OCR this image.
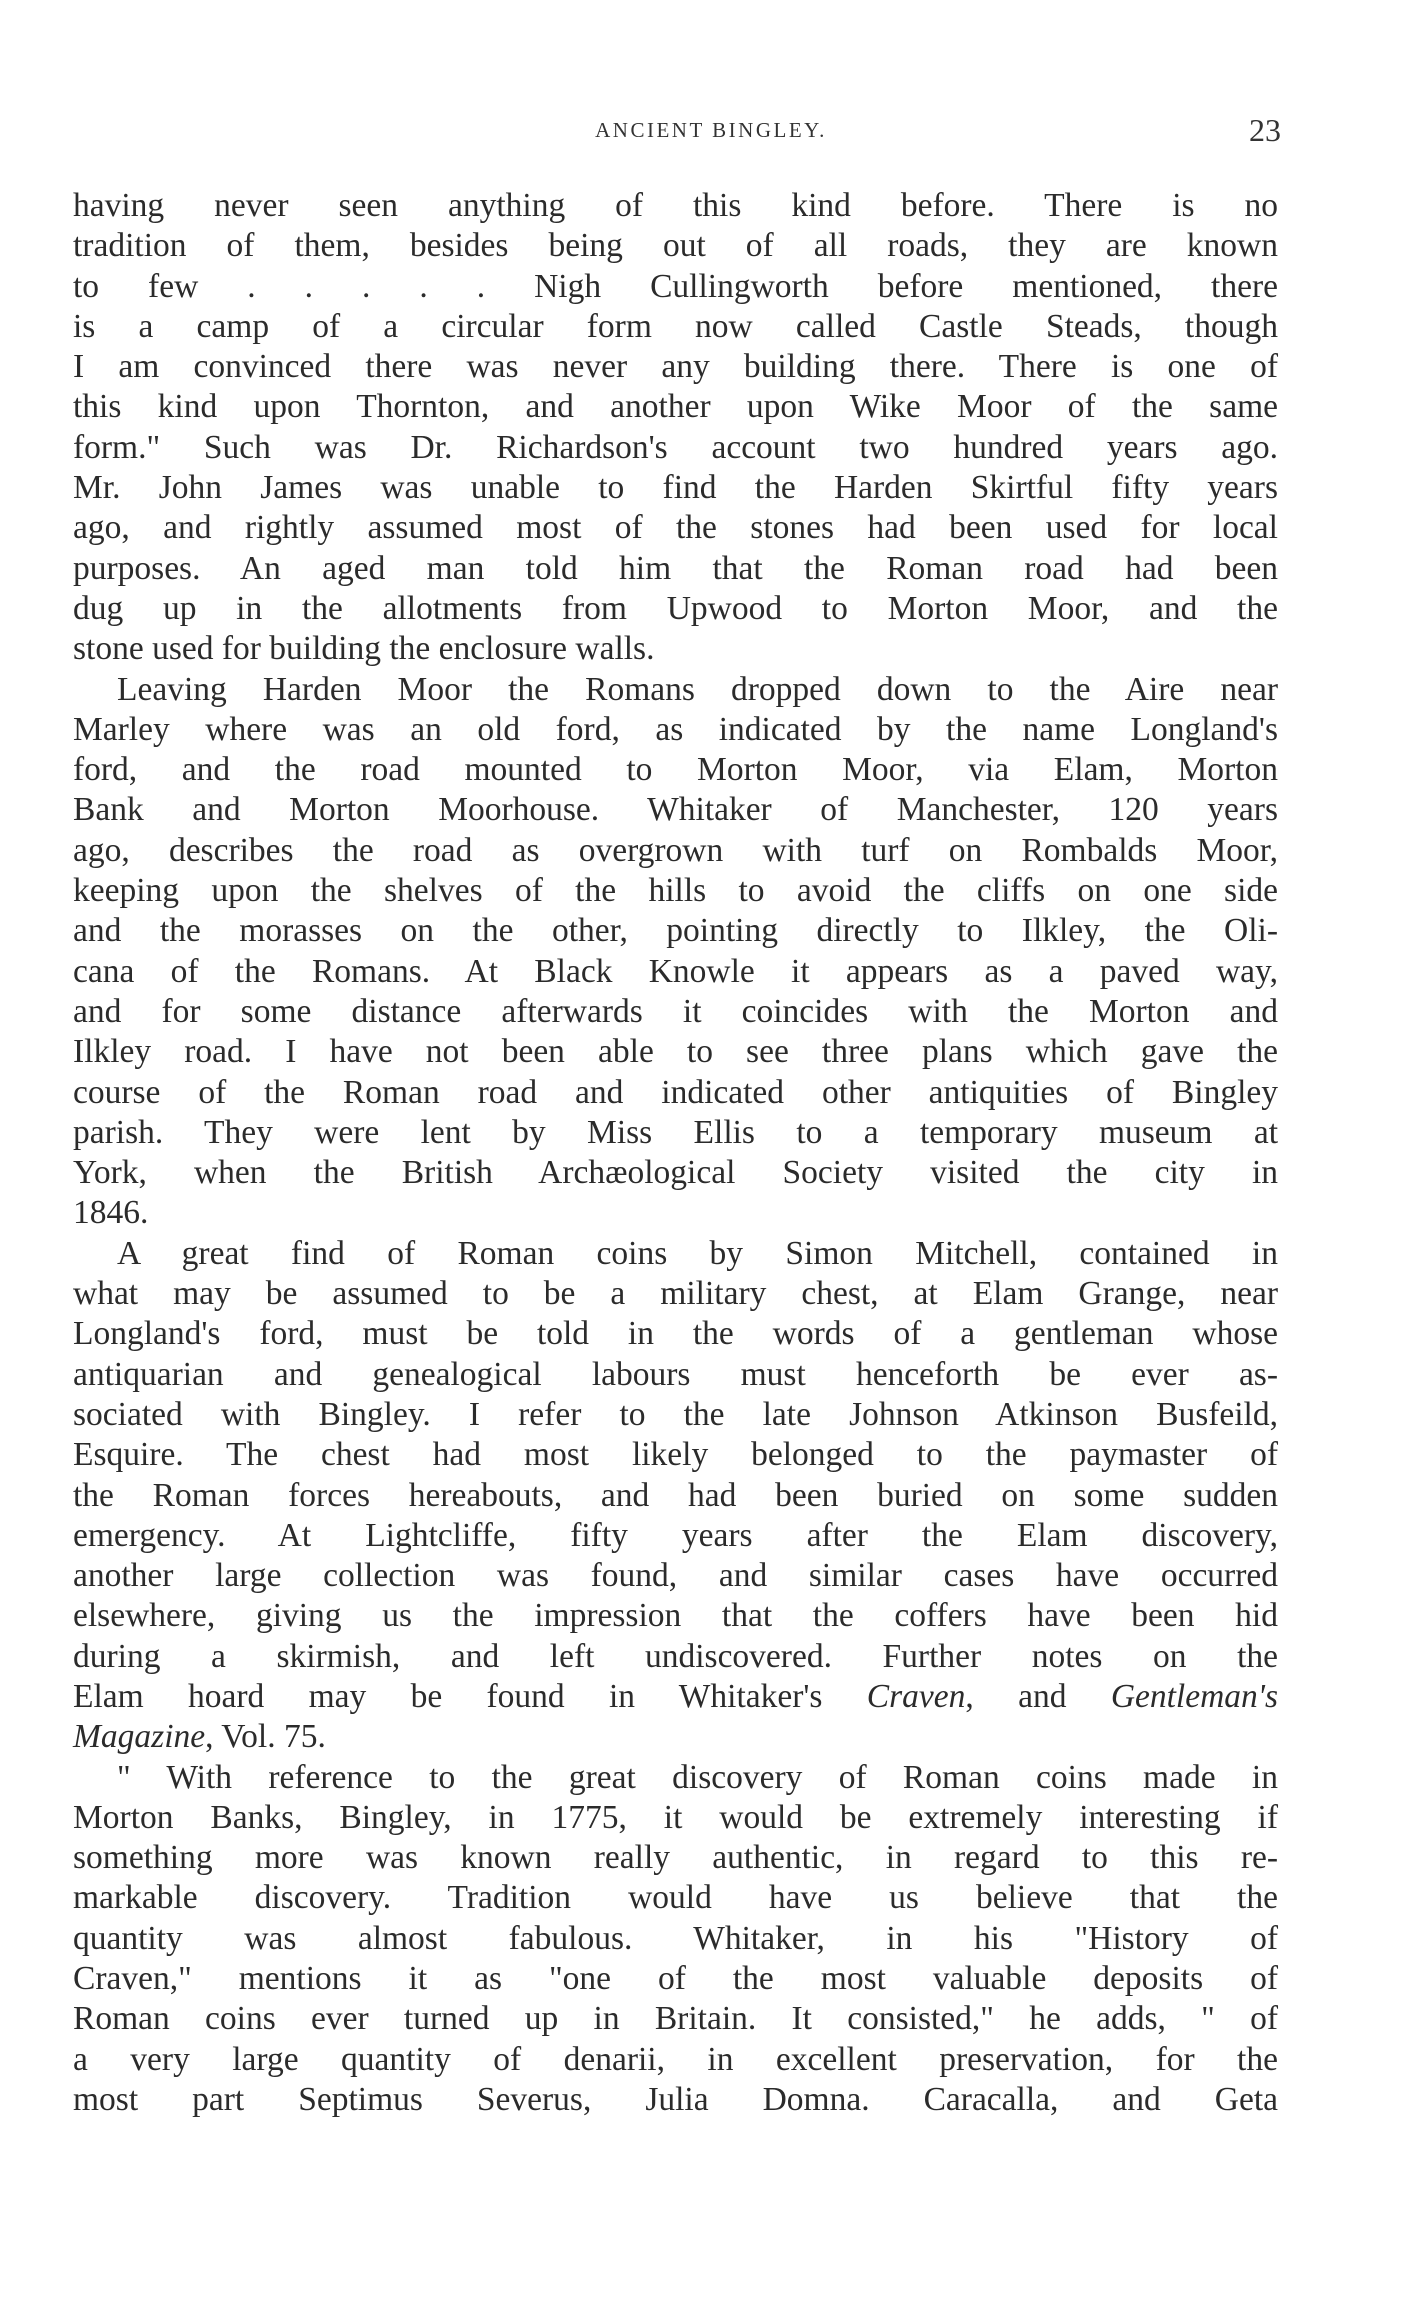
ANCIENT BINGLEY.	23
having never seen anything of this kind before. There is no
tradition of them, besides being out of all roads, they are known
to few . . . . . Nigh Cullingworth before mentioned, there
is a camp of a circular form now called Castle Steads, though
I am convinced there was never any building there. There is one of
this kind upon Thornton, and another upon Wike Moor of the same
form." Such was Dr. Richardson's account two hundred years ago.
Mr. John James was unable to find the Harden Skirtful fifty years
ago, and rightly assumed most of the stones had been used for local
purposes. An aged man told him that the Roman road had been
dug up in the allotments from Upwood to Morton Moor, and the
stone used for building the enclosure walls.
Leaving Harden Moor the Romans dropped down to the Aire near
Marley where was an old ford, as indicated by the name Longland's
ford, and the road mounted to Morton Moor, via Elam, Morton
Bank and Morton Moorhouse. Whitaker of Manchester, 120 years
ago, describes the road as overgrown with turf on Rombalds Moor,
keeping upon the shelves of the hills to avoid the cliffs on one side
and the morasses on the other, pointing directly to Ilkley, the Oli-
cana of the Romans. At Black Knowle it appears as a paved way,
and for some distance afterwards it coincides with the Morton and
Ilkley road. I have not been able to see three plans which gave the
course of the Roman road and indicated other antiquities of Bingley
parish. They were lent by Miss Ellis to a temporary museum at
York, when the British Archæological Society visited the city in
1846.
A great find of Roman coins by Simon Mitchell, contained in
what may be assumed to be a military chest, at Elam Grange, near
Longland's ford, must be told in the words of a gentleman whose
antiquarian and genealogical labours must henceforth be ever as-
sociated with Bingley. I refer to the late Johnson Atkinson Busfeild,
Esquire. The chest had most likely belonged to the paymaster of
the Roman forces hereabouts, and had been buried on some sudden
emergency. At Lightcliffe, fifty years after the Elam discovery,
another large collection was found, and similar cases have occurred
elsewhere, giving us the impression that the coffers have been hid
during a skirmish, and left undiscovered. Further notes on the
Elam hoard may be found in Whitaker's Craven, and Gentleman's
Magazine, Vol. 75.
" With reference to the great discovery of Roman coins made in
Morton Banks, Bingley, in 1775, it would be extremely interesting if
something more was known really authentic, in regard to this re-
markable discovery. Tradition would have us believe that the
quantity was almost fabulous. Whitaker, in his "History of
Craven," mentions it as "one of the most valuable deposits of
Roman coins ever turned up in Britain. It consisted," he adds, " of
a very large quantity of denarii, in excellent preservation, for the
most part Septimus Severus, Julia Domna. Caracalla, and Geta
